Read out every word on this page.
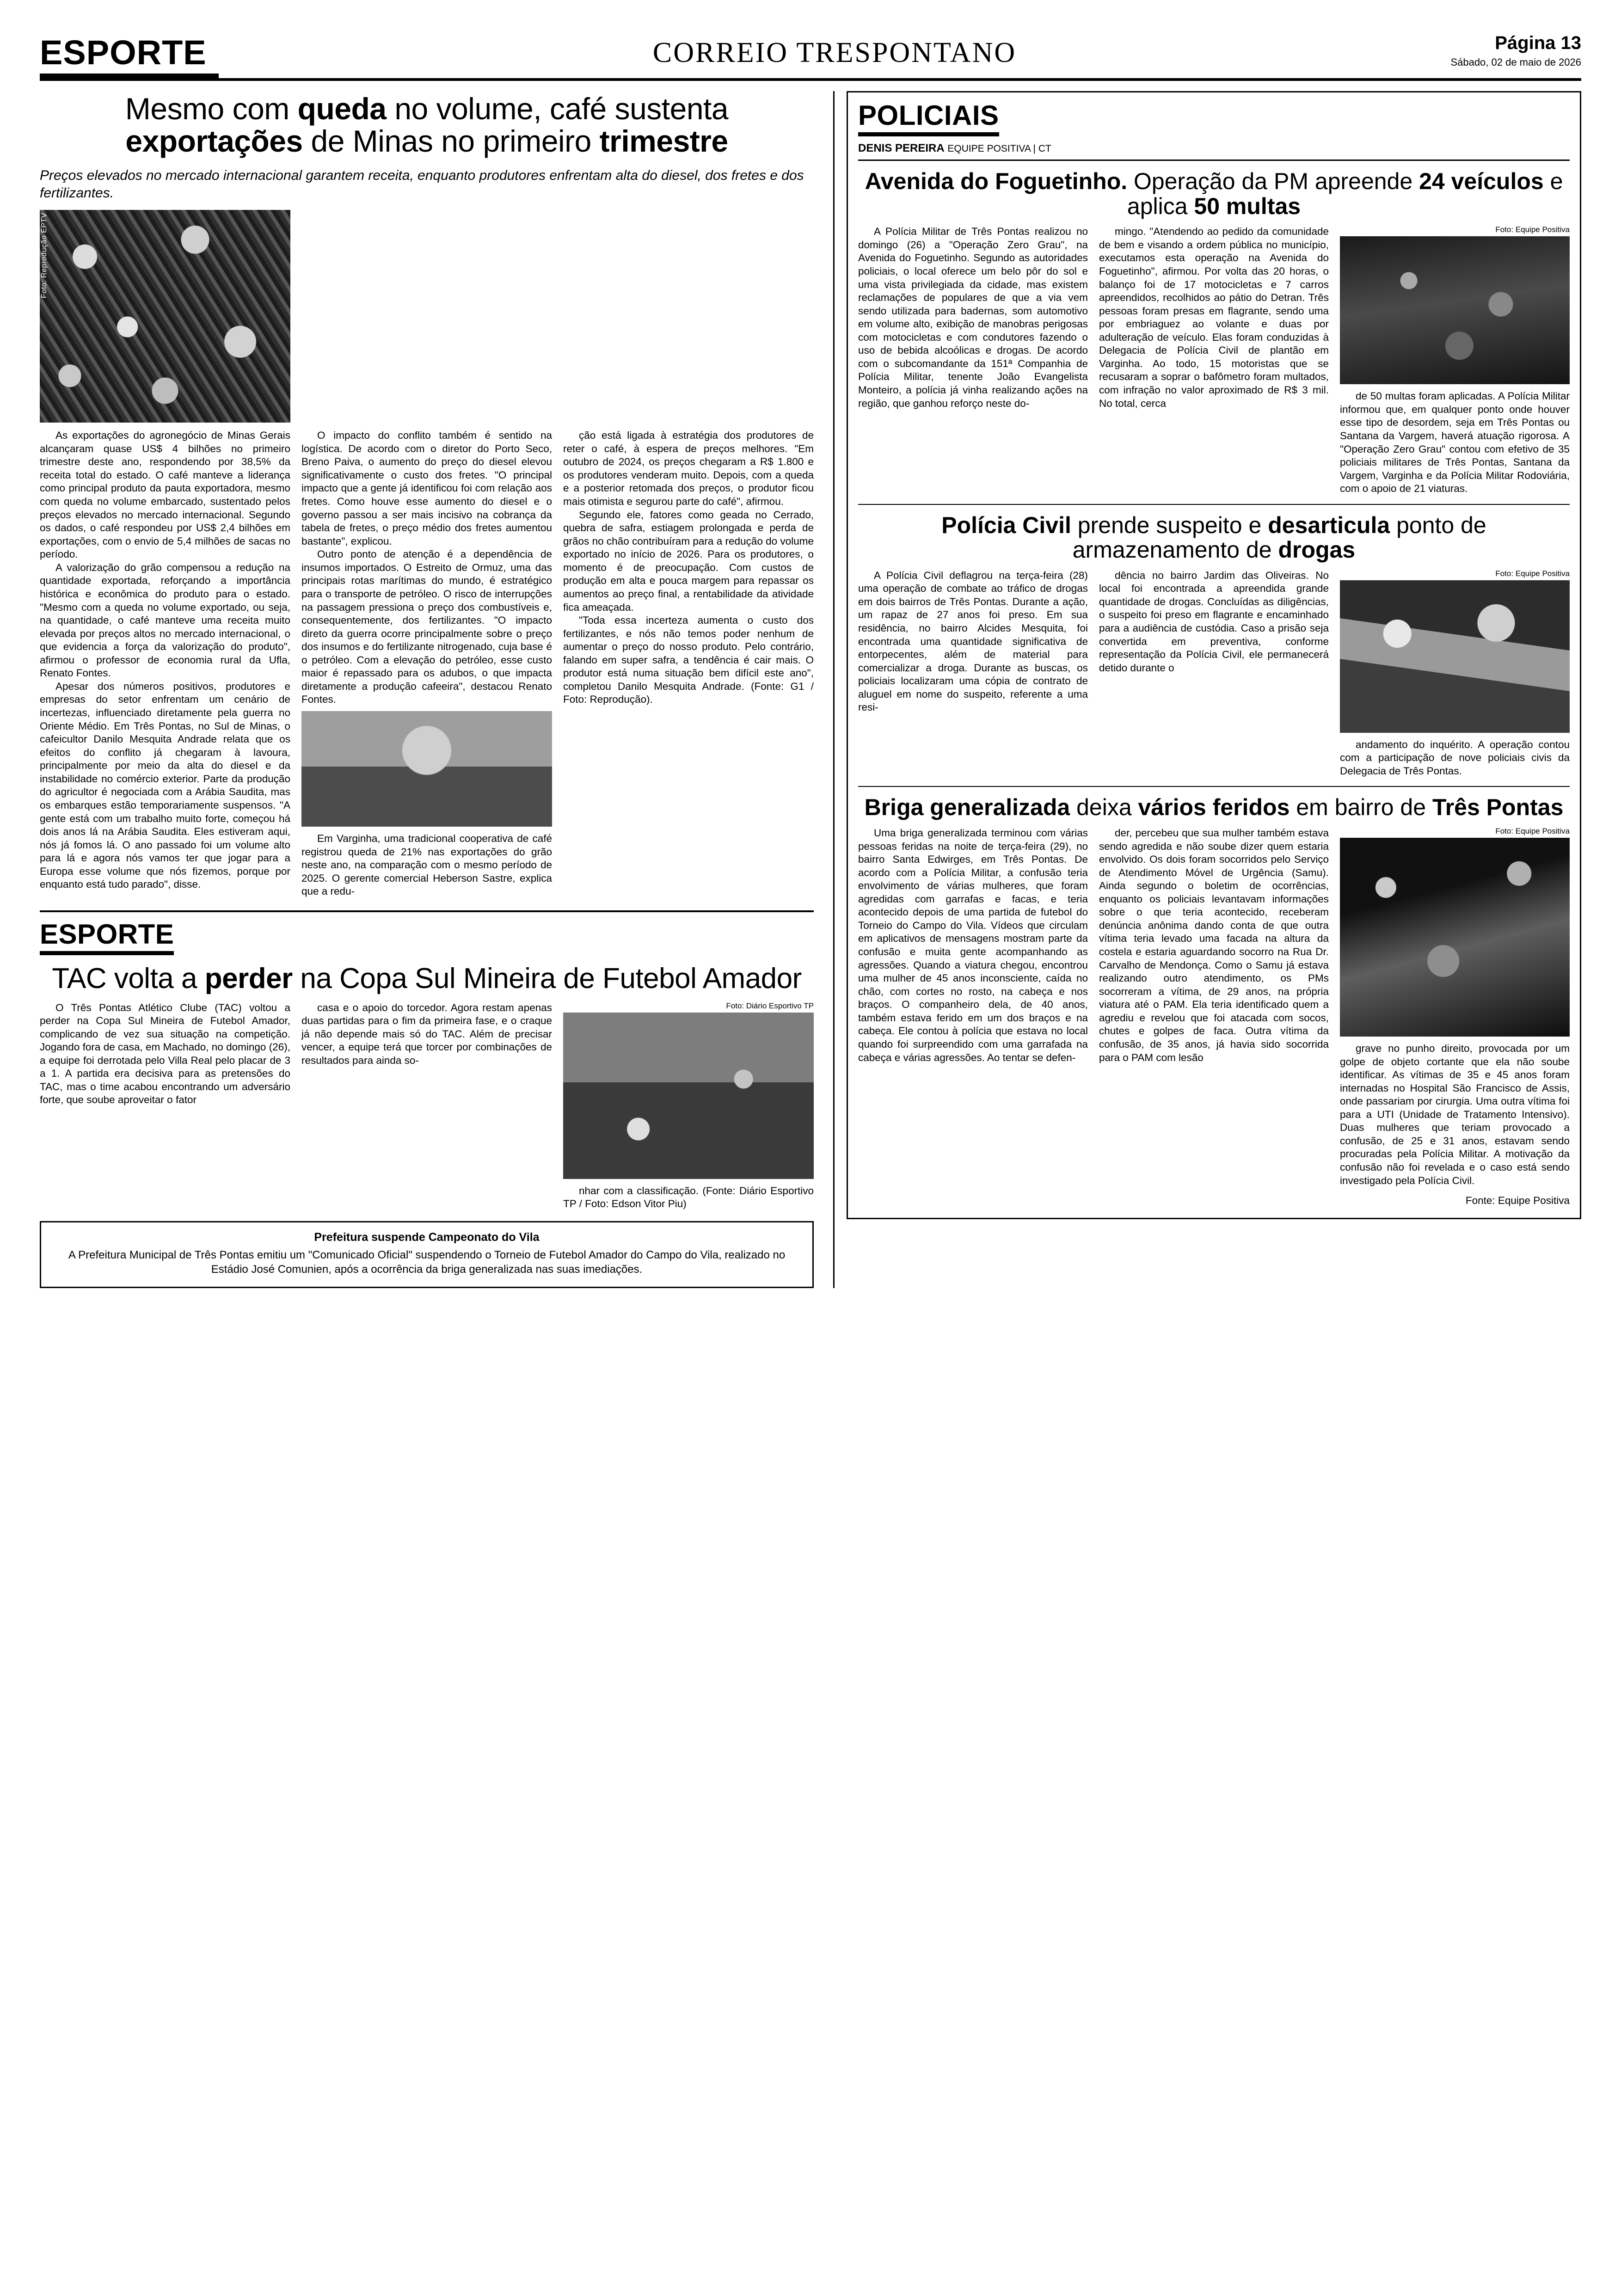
ESPORTE	CORREIO TRESPONTANO	Página 13
Sábado, 02 de maio de 2026
Mesmo com queda no volume, café sustenta exportações de Minas no primeiro trimestre
Preços elevados no mercado internacional garantem receita, enquanto produtores enfrentam alta do diesel, dos fretes e dos fertilizantes.
Foto: Reprodução EPTV

As exportações do agronegócio de Minas Gerais alcançaram quase US$ 4 bilhões no primeiro trimestre deste ano, respondendo por 38,5% da receita total do estado. O café manteve a liderança como principal produto da pauta exportadora, mesmo com queda no volume embarcado, sustentado pelos preços elevados no mercado internacional. Segundo os dados, o café respondeu por US$ 2,4 bilhões em exportações, com o envio de 5,4 milhões de sacas no período.

A valorização do grão compensou a redução na quantidade exportada, reforçando a importância histórica e econômica do produto para o estado. "Mesmo com a queda no volume exportado, ou seja, na quantidade, o café manteve uma receita muito elevada por preços altos no mercado internacional, o que evidencia a força da valorização do produto", afirmou o professor de economia rural da Ufla, Renato Fontes.

Apesar dos números positivos, produtores e empresas do setor enfrentam um cenário de incertezas, influenciado diretamente pela guerra no Oriente Médio. Em Três Pontas, no Sul de Minas, o cafeicultor Danilo Mesquita Andrade relata que os efeitos do conflito já chegaram à lavoura, principalmente por meio da alta do diesel e da instabilidade no comércio exterior. Parte da produção do agricultor é negociada com a Arábia Saudita, mas os embarques estão temporariamente suspensos. "A gente está com um trabalho muito forte, começou há dois anos lá na Arábia Saudita. Eles estiveram aqui, nós já fomos lá. O ano passado foi um volume alto para lá e agora nós vamos ter que jogar para a Europa esse volume que nós fizemos, porque por enquanto está tudo parado", disse.

O impacto do conflito também é sentido na logística. De acordo com o diretor do Porto Seco, Breno Paiva, o aumento do preço do diesel elevou significativamente o custo dos fretes. "O principal impacto que a gente já identificou foi com relação aos fretes. Como houve esse aumento do diesel e o governo passou a ser mais incisivo na cobrança da tabela de fretes, o preço médio dos fretes aumentou bastante", explicou.

Outro ponto de atenção é a dependência de insumos importados. O Estreito de Ormuz, uma das principais rotas marítimas do mundo, é estratégico para o transporte de petróleo. O risco de interrupções na passagem pressiona o preço dos combustíveis e, consequentemente, dos fertilizantes. "O impacto direto da guerra ocorre principalmente sobre o preço dos insumos e do fertilizante nitrogenado, cuja base é o petróleo. Com a elevação do petróleo, esse custo maior é repassado para os adubos, o que impacta diretamente a produção cafeeira", destacou Renato Fontes.

Em Varginha, uma tradicional cooperativa de café registrou queda de 21% nas exportações do grão neste ano, na comparação com o mesmo período de 2025. O gerente comercial Heberson Sastre, explica que a redu-

ção está ligada à estratégia dos produtores de reter o café, à espera de preços melhores. "Em outubro de 2024, os preços chegaram a R$ 1.800 e os produtores venderam muito. Depois, com a queda e a posterior retomada dos preços, o produtor ficou mais otimista e segurou parte do café", afirmou.

Segundo ele, fatores como geada no Cerrado, quebra de safra, estiagem prolongada e perda de grãos no chão contribuíram para a redução do volume exportado no início de 2026. Para os produtores, o momento é de preocupação. Com custos de produção em alta e pouca margem para repassar os aumentos ao preço final, a rentabilidade da atividade fica ameaçada.

"Toda essa incerteza aumenta o custo dos fertilizantes, e nós não temos poder nenhum de aumentar o preço do nosso produto. Pelo contrário, falando em super safra, a tendência é cair mais. O produtor está numa situação bem difícil este ano", completou Danilo Mesquita Andrade. (Fonte: G1 / Foto: Reprodução).

ESPORTE
TAC volta a perder na Copa Sul Mineira de Futebol Amador

O Três Pontas Atlético Clube (TAC) voltou a perder na Copa Sul Mineira de Futebol Amador, complicando de vez sua situação na competição. Jogando fora de casa, em Machado, no domingo (26), a equipe foi derrotada pelo Villa Real pelo placar de 3 a 1. A partida era decisiva para as pretensões do TAC, mas o time acabou encontrando um adversário forte, que soube aproveitar o fator

casa e o apoio do torcedor. Agora restam apenas duas partidas para o fim da primeira fase, e o craque já não depende mais só do TAC. Além de precisar vencer, a equipe terá que torcer por combinações de resultados para ainda so-

Foto: Diário Esportivo TP

nhar com a classificação. (Fonte: Diário Esportivo TP / Foto: Edson Vitor Piu)

Prefeitura suspende Campeonato do Vila
A Prefeitura Municipal de Três Pontas emitiu um "Comunicado Oficial" suspendendo o Torneio de Futebol Amador do Campo do Vila, realizado no Estádio José Comunien, após a ocorrência da briga generalizada nas suas imediações.
POLICIAIS
DENIS PEREIRA EQUIPE POSITIVA | CT
Avenida do Foguetinho. Operação da PM apreende 24 veículos e aplica 50 multas

A Polícia Militar de Três Pontas realizou no domingo (26) a "Operação Zero Grau", na Avenida do Foguetinho. Segundo as autoridades policiais, o local oferece um belo pôr do sol e uma vista privilegiada da cidade, mas existem reclamações de populares de que a via vem sendo utilizada para badernas, som automotivo em volume alto, exibição de manobras perigosas com motocicletas e com condutores fazendo o uso de bebida alcoólicas e drogas. De acordo com o subcomandante da 151ª Companhia de Polícia Militar, tenente João Evangelista Monteiro, a polícia já vinha realizando ações na região, que ganhou reforço neste do-

mingo. "Atendendo ao pedido da comunidade de bem e visando a ordem pública no município, executamos esta operação na Avenida do Foguetinho", afirmou. Por volta das 20 horas, o balanço foi de 17 motocicletas e 7 carros apreendidos, recolhidos ao pátio do Detran. Três pessoas foram presas em flagrante, sendo uma por embriaguez ao volante e duas por adulteração de veículo. Elas foram conduzidas à Delegacia de Polícia Civil de plantão em Varginha. Ao todo, 15 motoristas que se recusaram a soprar o bafômetro foram multados, com infração no valor aproximado de R$ 3 mil. No total, cerca

Foto: Equipe Positiva

de 50 multas foram aplicadas. A Polícia Militar informou que, em qualquer ponto onde houver esse tipo de desordem, seja em Três Pontas ou Santana da Vargem, haverá atuação rigorosa. A "Operação Zero Grau" contou com efetivo de 35 policiais militares de Três Pontas, Santana da Vargem, Varginha e da Polícia Militar Rodoviária, com o apoio de 21 viaturas.

Polícia Civil prende suspeito e desarticula ponto de armazenamento de drogas

A Polícia Civil deflagrou na terça-feira (28) uma operação de combate ao tráfico de drogas em dois bairros de Três Pontas. Durante a ação, um rapaz de 27 anos foi preso. Em sua residência, no bairro Alcides Mesquita, foi encontrada uma quantidade significativa de entorpecentes, além de material para comercializar a droga. Durante as buscas, os policiais localizaram uma cópia de contrato de aluguel em nome do suspeito, referente a uma resi-

dência no bairro Jardim das Oliveiras. No local foi encontrada a apreendida grande quantidade de drogas. Concluídas as diligências, o suspeito foi preso em flagrante e encaminhado para a audiência de custódia. Caso a prisão seja convertida em preventiva, conforme representação da Polícia Civil, ele permanecerá detido durante o

Foto: Equipe Positiva

andamento do inquérito. A operação contou com a participação de nove policiais civis da Delegacia de Três Pontas.

Briga generalizada deixa vários feridos em bairro de Três Pontas

Uma briga generalizada terminou com várias pessoas feridas na noite de terça-feira (29), no bairro Santa Edwirges, em Três Pontas. De acordo com a Polícia Militar, a confusão teria envolvimento de várias mulheres, que foram agredidas com garrafas e facas, e teria acontecido depois de uma partida de futebol do Torneio do Campo do Vila. Vídeos que circulam em aplicativos de mensagens mostram parte da confusão e muita gente acompanhando as agressões. Quando a viatura chegou, encontrou uma mulher de 45 anos inconsciente, caída no chão, com cortes no rosto, na cabeça e nos braços. O companheiro dela, de 40 anos, também estava ferido em um dos braços e na cabeça. Ele contou à polícia que estava no local quando foi surpreendido com uma garrafada na cabeça e várias agressões. Ao tentar se defen-

der, percebeu que sua mulher também estava sendo agredida e não soube dizer quem estaria envolvido. Os dois foram socorridos pelo Serviço de Atendimento Móvel de Urgência (Samu). Ainda segundo o boletim de ocorrências, enquanto os policiais levantavam informações sobre o que teria acontecido, receberam denúncia anônima dando conta de que outra vítima teria levado uma facada na altura da costela e estaria aguardando socorro na Rua Dr. Carvalho de Mendonça. Como o Samu já estava realizando outro atendimento, os PMs socorreram a vítima, de 29 anos, na própria viatura até o PAM. Ela teria identificado quem a agrediu e revelou que foi atacada com socos, chutes e golpes de faca. Outra vítima da confusão, de 35 anos, já havia sido socorrida para o PAM com lesão

Foto: Equipe Positiva

grave no punho direito, provocada por um golpe de objeto cortante que ela não soube identificar. As vítimas de 35 e 45 anos foram internadas no Hospital São Francisco de Assis, onde passariam por cirurgia. Uma outra vítima foi para a UTI (Unidade de Tratamento Intensivo). Duas mulheres que teriam provocado a confusão, de 25 e 31 anos, estavam sendo procuradas pela Polícia Militar. A motivação da confusão não foi revelada e o caso está sendo investigado pela Polícia Civil.

Fonte: Equipe Positiva
